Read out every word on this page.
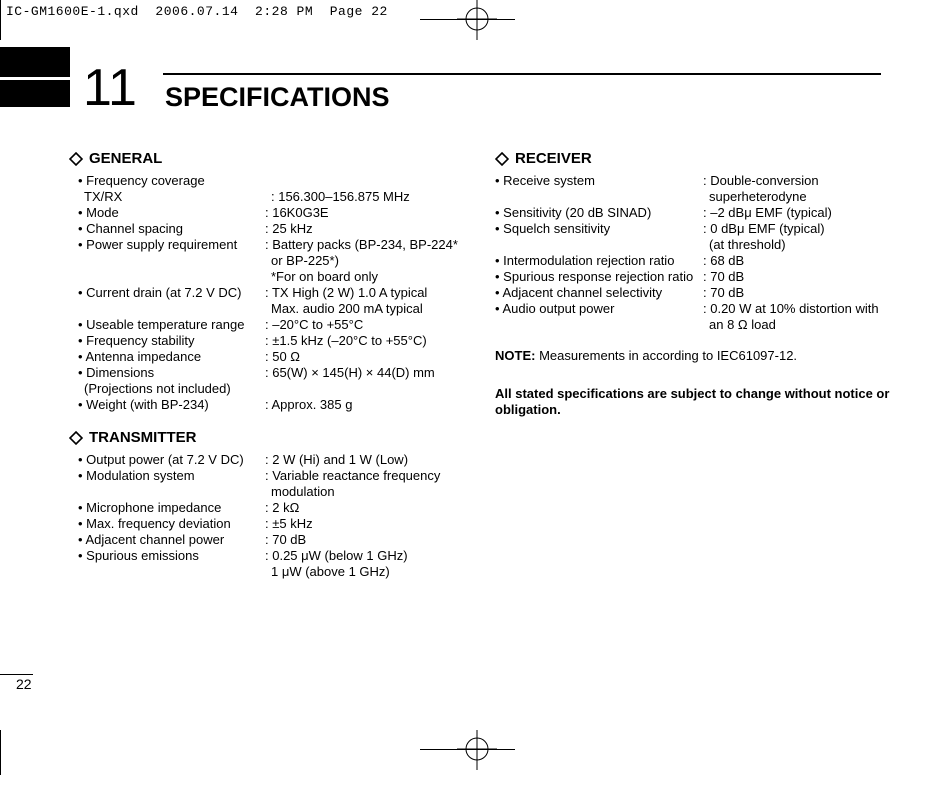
IC-GM1600E-1.qxd  2006.07.14  2:28 PM  Page 22
11 SPECIFICATIONS
GENERAL
• Frequency coverage
TX/RX	: 156.300–156.875 MHz
• Mode	: 16K0G3E
• Channel spacing	: 25 kHz
• Power supply requirement	: Battery packs (BP-234, BP-224*
or BP-225*)
*For on board only
• Current drain (at 7.2 V DC)	: TX High (2 W) 1.0 A typical
Max. audio 200 mA typical
• Useable temperature range	: –20°C to +55°C
• Frequency stability	: ±1.5 kHz (–20°C to +55°C)
• Antenna impedance	: 50 Ω
• Dimensions	: 65(W) × 145(H) × 44(D) mm
(Projections not included)
• Weight (with BP-234)	: Approx. 385 g
TRANSMITTER
• Output power (at 7.2 V DC)	: 2 W (Hi) and 1 W (Low)
• Modulation system	: Variable reactance frequency
modulation
• Microphone impedance	: 2 kΩ
• Max. frequency deviation	: ±5 kHz
• Adjacent channel power	: 70 dB
• Spurious emissions	: 0.25 μW (below 1 GHz)
1 μW (above 1 GHz)
RECEIVER
• Receive system	: Double-conversion
superheterodyne
• Sensitivity (20 dB SINAD)	: –2 dBμ EMF (typical)
• Squelch sensitivity	: 0 dBμ EMF (typical)
(at threshold)
• Intermodulation rejection ratio	: 68 dB
• Spurious response rejection ratio : 70 dB
• Adjacent channel selectivity	: 70 dB
• Audio output power	: 0.20 W at 10% distortion with
an 8 Ω load
NOTE: Measurements in according to IEC61097-12.
All stated specifications are subject to change without notice or obligation.
22
